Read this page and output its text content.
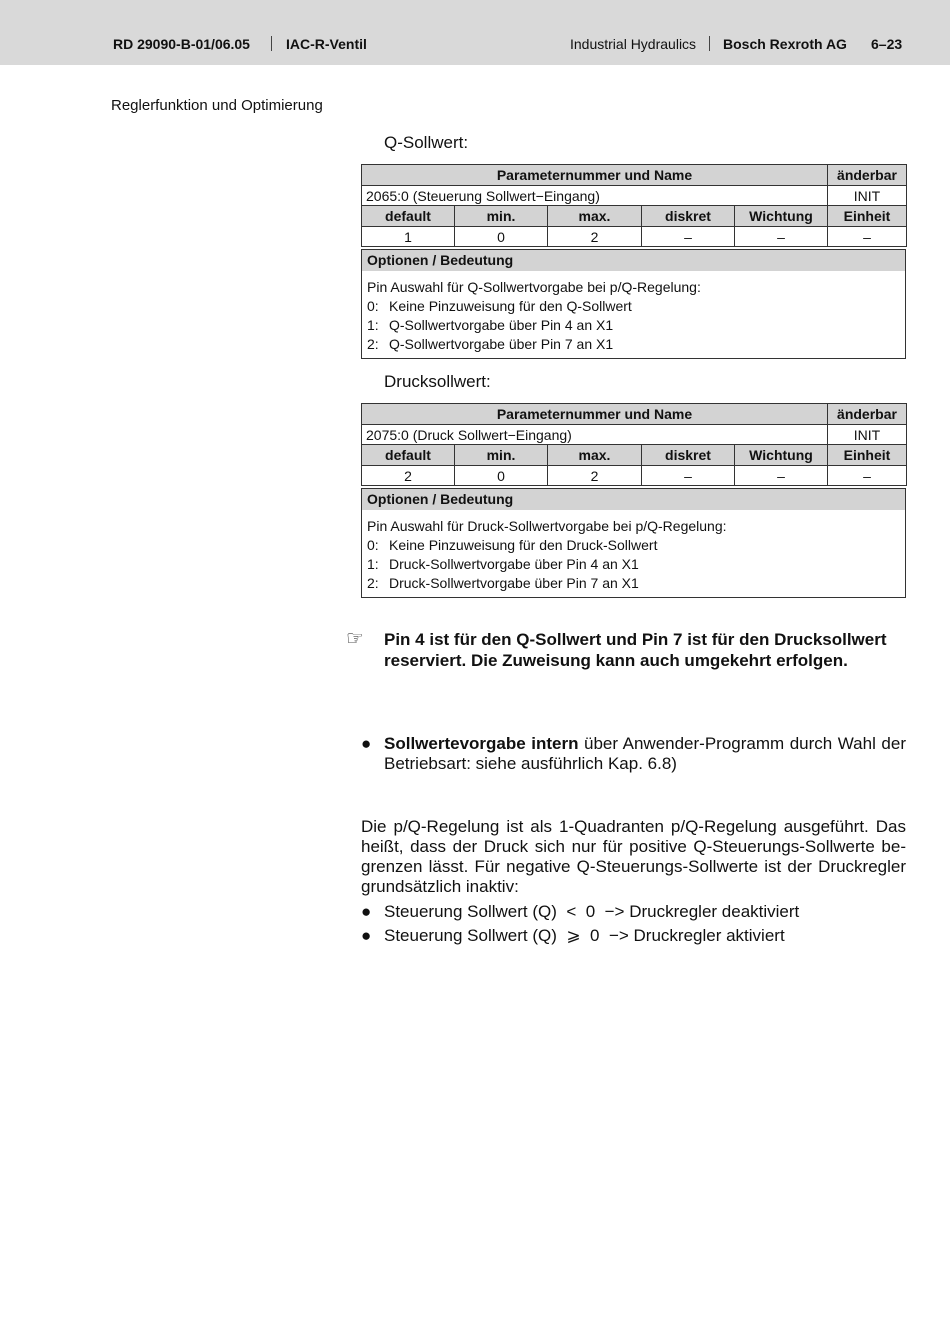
RD 29090-B-01/06.05	IAC-R-Ventil	Industrial Hydraulics Bosch Rexroth AG 6–23
Reglerfunktion und Optimierung
Q-Sollwert:
Parameternummer und Name					änderbar
2065:0 (Steuerung Sollwert−Eingang)					INIT
default	min.	max.	diskret	Wichtung	Einheit
1	0	2	–	–	–
Optionen / Bedeutung
Pin Auswahl für Q-Sollwertvorgabe bei p/Q-Regelung:
0: Keine Pinzuweisung für den Q-Sollwert
1: Q-Sollwertvorgabe über Pin 4 an X1
2: Q-Sollwertvorgabe über Pin 7 an X1
Drucksollwert:
Parameternummer und Name					änderbar
2075:0 (Druck Sollwert−Eingang)					INIT
default	min.	max.	diskret	Wichtung	Einheit
2	0	2	–	–	–
Optionen / Bedeutung
Pin Auswahl für Druck-Sollwertvorgabe bei p/Q-Regelung:
0: Keine Pinzuweisung für den Druck-Sollwert
1: Druck-Sollwertvorgabe über Pin 4 an X1
2: Druck-Sollwertvorgabe über Pin 7 an X1
☞ Pin 4 ist für den Q-Sollwert und Pin 7 ist für den Drucksollwert reserviert. Die Zuweisung kann auch umgekehrt erfolgen.
● Sollwertevorgabe intern über Anwender-Programm durch Wahl der Betriebsart: siehe ausführlich Kap. 6.8)
Die p/Q-Regelung ist als 1-Quadranten p/Q-Regelung ausgeführt. Das heißt, dass der Druck sich nur für positive Q-Steuerungs-Sollwerte begrenzen lässt. Für negative Q-Steuerungs-Sollwerte ist der Druckregler grundsätzlich inaktiv:
● Steuerung Sollwert (Q)  <  0  −> Druckregler deaktiviert
● Steuerung Sollwert (Q)  ⩾  0  −> Druckregler aktiviert
